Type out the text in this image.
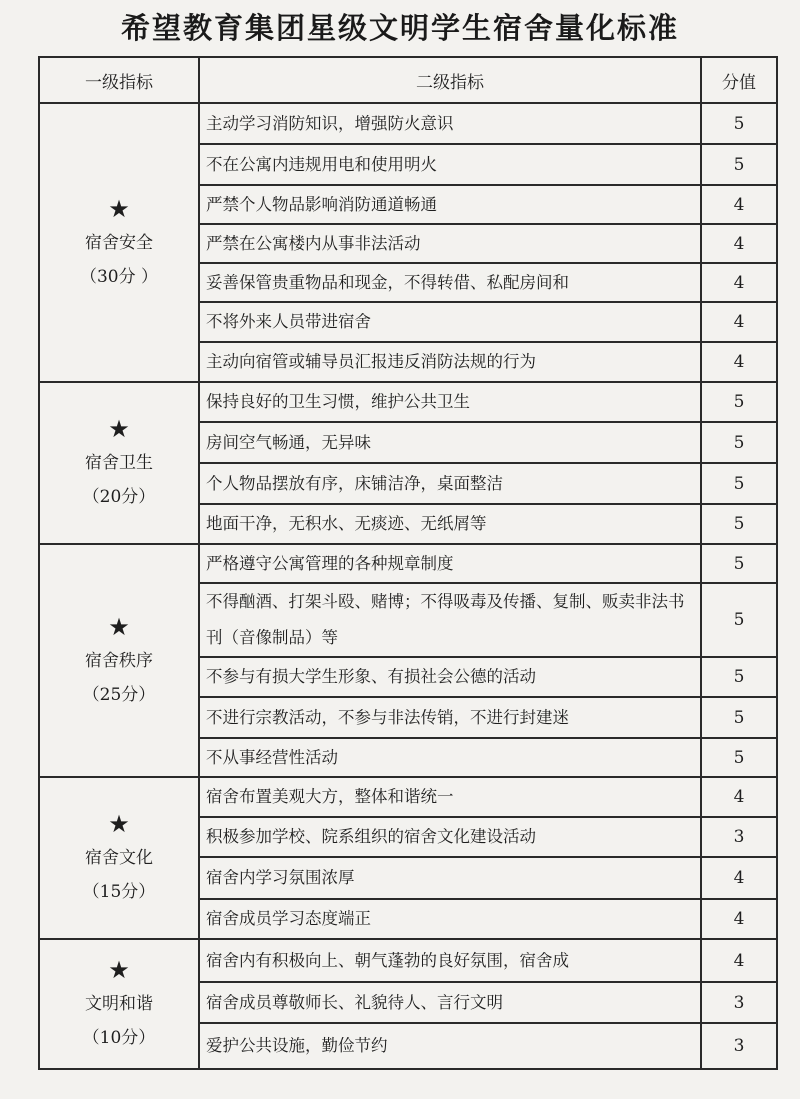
希望教育集团星级文明学生宿舍量化标准
一级指标	二级指标	分值

★
宿舍安全
（30分 ）	主动学习消防知识，增强防火意识	5
	不在公寓内违规用电和使用明火	5
	严禁个人物品影响消防通道畅通	4
	严禁在公寓楼内从事非法活动	4
	妥善保管贵重物品和现金，不得转借、私配房间和	4
	不将外来人员带进宿舍	4
	主动向宿管或辅导员汇报违反消防法规的行为	4

★
宿舍卫生
（20分）	保持良好的卫生习惯，维护公共卫生	5
	房间空气畅通，无异味	5
	个人物品摆放有序，床铺洁净，桌面整洁	5
	地面干净，无积水、无痰迹、无纸屑等	5

★
宿舍秩序
（25分）	严格遵守公寓管理的各种规章制度	5
	不得酗酒、打架斗殴、赌博；不得吸毒及传播、复制、贩卖非法书刊（音像制品）等	5
	不参与有损大学生形象、有损社会公德的活动	5
	不进行宗教活动，不参与非法传销，不进行封建迷	5
	不从事经营性活动	5

★
宿舍文化
（15分）	宿舍布置美观大方，整体和谐统一	4
	积极参加学校、院系组织的宿舍文化建设活动	3
	宿舍内学习氛围浓厚	4
	宿舍成员学习态度端正	4

★
文明和谐
（10分）	宿舍内有积极向上、朝气蓬勃的良好氛围，宿舍成	4
	宿舍成员尊敬师长、礼貌待人、言行文明	3
	爱护公共设施，勤俭节约	3
